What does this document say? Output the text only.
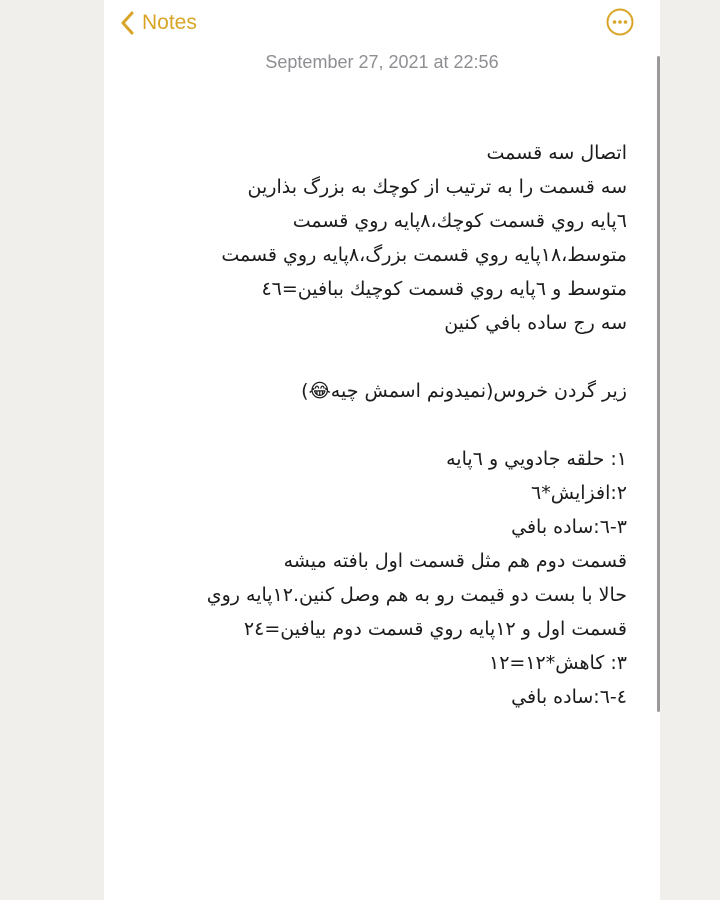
Notes
September 27, 2021 at 22:56
اتصال سه قسمت
سه قسمت را به ترتيب از كوچك به بزرگ بذارين
٦پايه روي قسمت كوچك،٨پايه روي قسمت
متوسط،١٨پايه روي قسمت بزرگ،٨پايه روي قسمت
متوسط و ٦پايه روي قسمت كوچيك ببافين=٤٦
سه رج ساده بافي كنين
زير گردن خروس(نميدونم اسمش چيه😂)
١: حلقه جادويي و ٦پايه
٢:افزايش*٦
٣-٦:ساده بافي
قسمت دوم هم مثل قسمت اول بافته ميشه
حالا با بست دو قيمت رو به هم وصل كنين.١٢پايه روي
قسمت اول و ١٢پايه روي قسمت دوم بيافين=٢٤
٣: كاهش*١٢=١٢
٤-٦:ساده بافي
